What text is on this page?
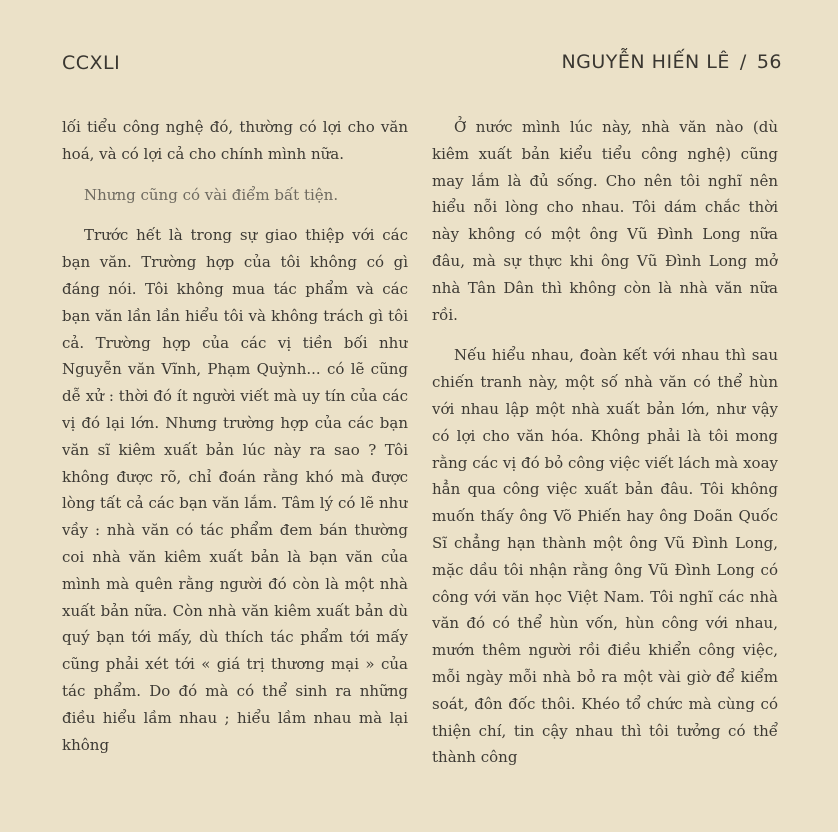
CCXLI	NGUYỄN HIẾN LÊ / 56

lối tiểu công nghệ đó, thường có lợi cho văn hoá, và có lợi cả cho chính mình nữa.

Nhưng cũng có vài điểm bất tiện.

Trước hết là trong sự giao thiệp với các bạn văn. Trường hợp của tôi không có gì đáng nói. Tôi không mua tác phẩm và các bạn văn lần lần hiểu tôi và không trách gì tôi cả. Trường hợp của các vị tiền bối như Nguyễn văn Vĩnh, Phạm Quỳnh... có lẽ cũng dễ xử : thời đó ít người viết mà uy tín của các vị đó lại lớn. Nhưng trường hợp của các bạn văn sĩ kiêm xuất bản lúc này ra sao ? Tôi không được rõ, chỉ đoán rằng khó mà được lòng tất cả các bạn văn lắm. Tâm lý có lẽ như vầy : nhà văn có tác phẩm đem bán thường coi nhà văn kiêm xuất bản là bạn văn của mình mà quên rằng người đó còn là một nhà xuất bản nữa. Còn nhà văn kiêm xuất bản dù quý bạn tới mấy, dù thích tác phẩm tới mấy cũng phải xét tới « giá trị thương mại » của tác phẩm. Do đó mà có thể sinh ra những điều hiểu lầm nhau ; hiểu lầm nhau mà lại không

Ở nước mình lúc này, nhà văn nào (dù kiêm xuất bản kiểu tiểu công nghệ) cũng may lắm là đủ sống. Cho nên tôi nghĩ nên hiểu nỗi lòng cho nhau. Tôi dám chắc thời này không có một ông Vũ Đình Long nữa đâu, mà sự thực khi ông Vũ Đình Long mở nhà Tân Dân thì không còn là nhà văn nữa rồi.

Nếu hiểu nhau, đoàn kết với nhau thì sau chiến tranh này, một số nhà văn có thể hùn với nhau lập một nhà xuất bản lớn, như vậy có lợi cho văn hóa. Không phải là tôi mong rằng các vị đó bỏ công việc viết lách mà xoay hẳn qua công việc xuất bản đâu. Tôi không muốn thấy ông Võ Phiến hay ông Doãn Quốc Sĩ chẳng hạn thành một ông Vũ Đình Long, mặc dầu tôi nhận rằng ông Vũ Đình Long có công với văn học Việt Nam. Tôi nghĩ các nhà văn đó có thể hùn vốn, hùn công với nhau, mướn thêm người rồi điều khiển công việc, mỗi ngày mỗi nhà bỏ ra một vài giờ để kiểm soát, đôn đốc thôi. Khéo tổ chức mà cùng có thiện chí, tin cậy nhau thì tôi tưởng có thể thành công
